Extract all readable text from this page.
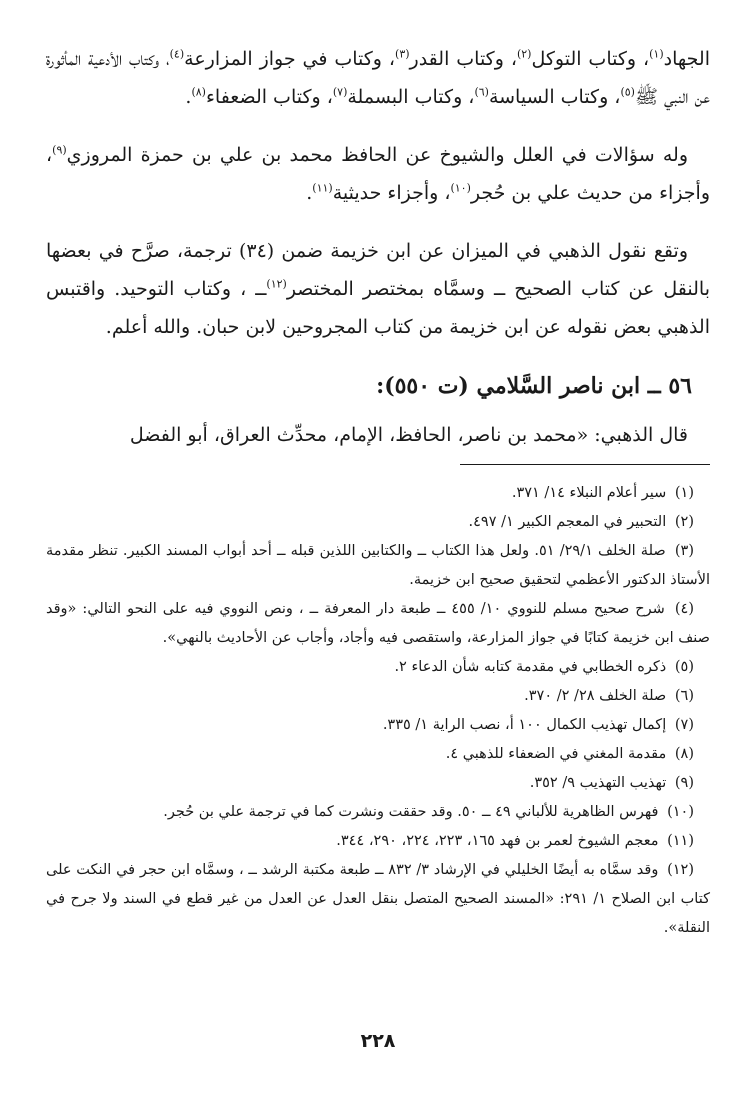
الجهاد$^{(١)}$، وكتاب التوكل$^{(٢)}$، وكتاب القدر$^{(٣)}$، وكتاب في جواز المزارعة$^{(٤)}$، وكتاب الأدعية المأثورة عن النبي ﷺ$^{(٥)}$، وكتاب السياسة$^{(٦)}$، وكتاب البسملة$^{(٧)}$، وكتاب الضعفاء$^{(٨)}$.

وله سؤالات في العلل والشيوخ عن الحافظ محمد بن علي بن حمزة المروزي$^{(٩)}$، وأجزاء من حديث علي بن حُجر$^{(١٠)}$، وأجزاء حديثية$^{(١١)}$.

وتقع نقول الذهبي في الميزان عن ابن خزيمة ضمن (٣٤) ترجمة، صرَّح في بعضها بالنقل عن كتاب الصحيح ــ وسمَّاه بمختصر المختصر$^{(١٢)}$ــ ، وكتاب التوحيد. واقتبس الذهبي بعض نقوله عن ابن خزيمة من كتاب المجروحين لابن حبان. والله أعلم.

٥٦ ــ ابن ناصر السَّلامي (ت ٥٥٠):
قال الذهبي: «محمد بن ناصر، الحافظ، الإمام، محدِّث العراق، أبو الفضل
(١) سير أعلام النبلاء ١٤/ ٣٧١.
(٢) التحبير في المعجم الكبير ١/ ٤٩٧.
(٣) صلة الخلف ٢٩/١/ ٥١. ولعل هذا الكتاب ــ والكتابين اللذين قبله ــ أحد أبواب المسند الكبير. تنظر مقدمة الأستاذ الدكتور الأعظمي لتحقيق صحيح ابن خزيمة.
(٤) شرح صحيح مسلم للنووي ١٠/ ٤٥٥ ــ طبعة دار المعرفة ــ ، ونص النووي فيه على النحو التالي: «وقد صنف ابن خزيمة كتابًا في جواز المزارعة، واستقصى فيه وأجاد، وأجاب عن الأحاديث بالنهي».
(٥) ذكره الخطابي في مقدمة كتابه شأن الدعاء ٢.
(٦) صلة الخلف ٢٨/ ٢/ ٣٧٠.
(٧) إكمال تهذيب الكمال ١٠٠ أ، نصب الراية ١/ ٣٣٥.
(٨) مقدمة المغني في الضعفاء للذهبي ٤.
(٩) تهذيب التهذيب ٩/ ٣٥٢.
(١٠) فهرس الظاهرية للألباني ٤٩ ــ ٥٠. وقد حققت ونشرت كما في ترجمة علي بن حُجر.
(١١) معجم الشيوخ لعمر بن فهد ١٦٥، ٢٢٣، ٢٢٤، ٢٩٠، ٣٤٤.
(١٢) وقد سمَّاه به أيضًا الخليلي في الإرشاد ٣/ ٨٣٢ ــ طبعة مكتبة الرشد ــ ، وسمَّاه ابن حجر في النكت على كتاب ابن الصلاح ١/ ٢٩١: «المسند الصحيح المتصل بنقل العدل عن العدل من غير قطع في السند ولا جرح في النقلة».
٢٢٨
